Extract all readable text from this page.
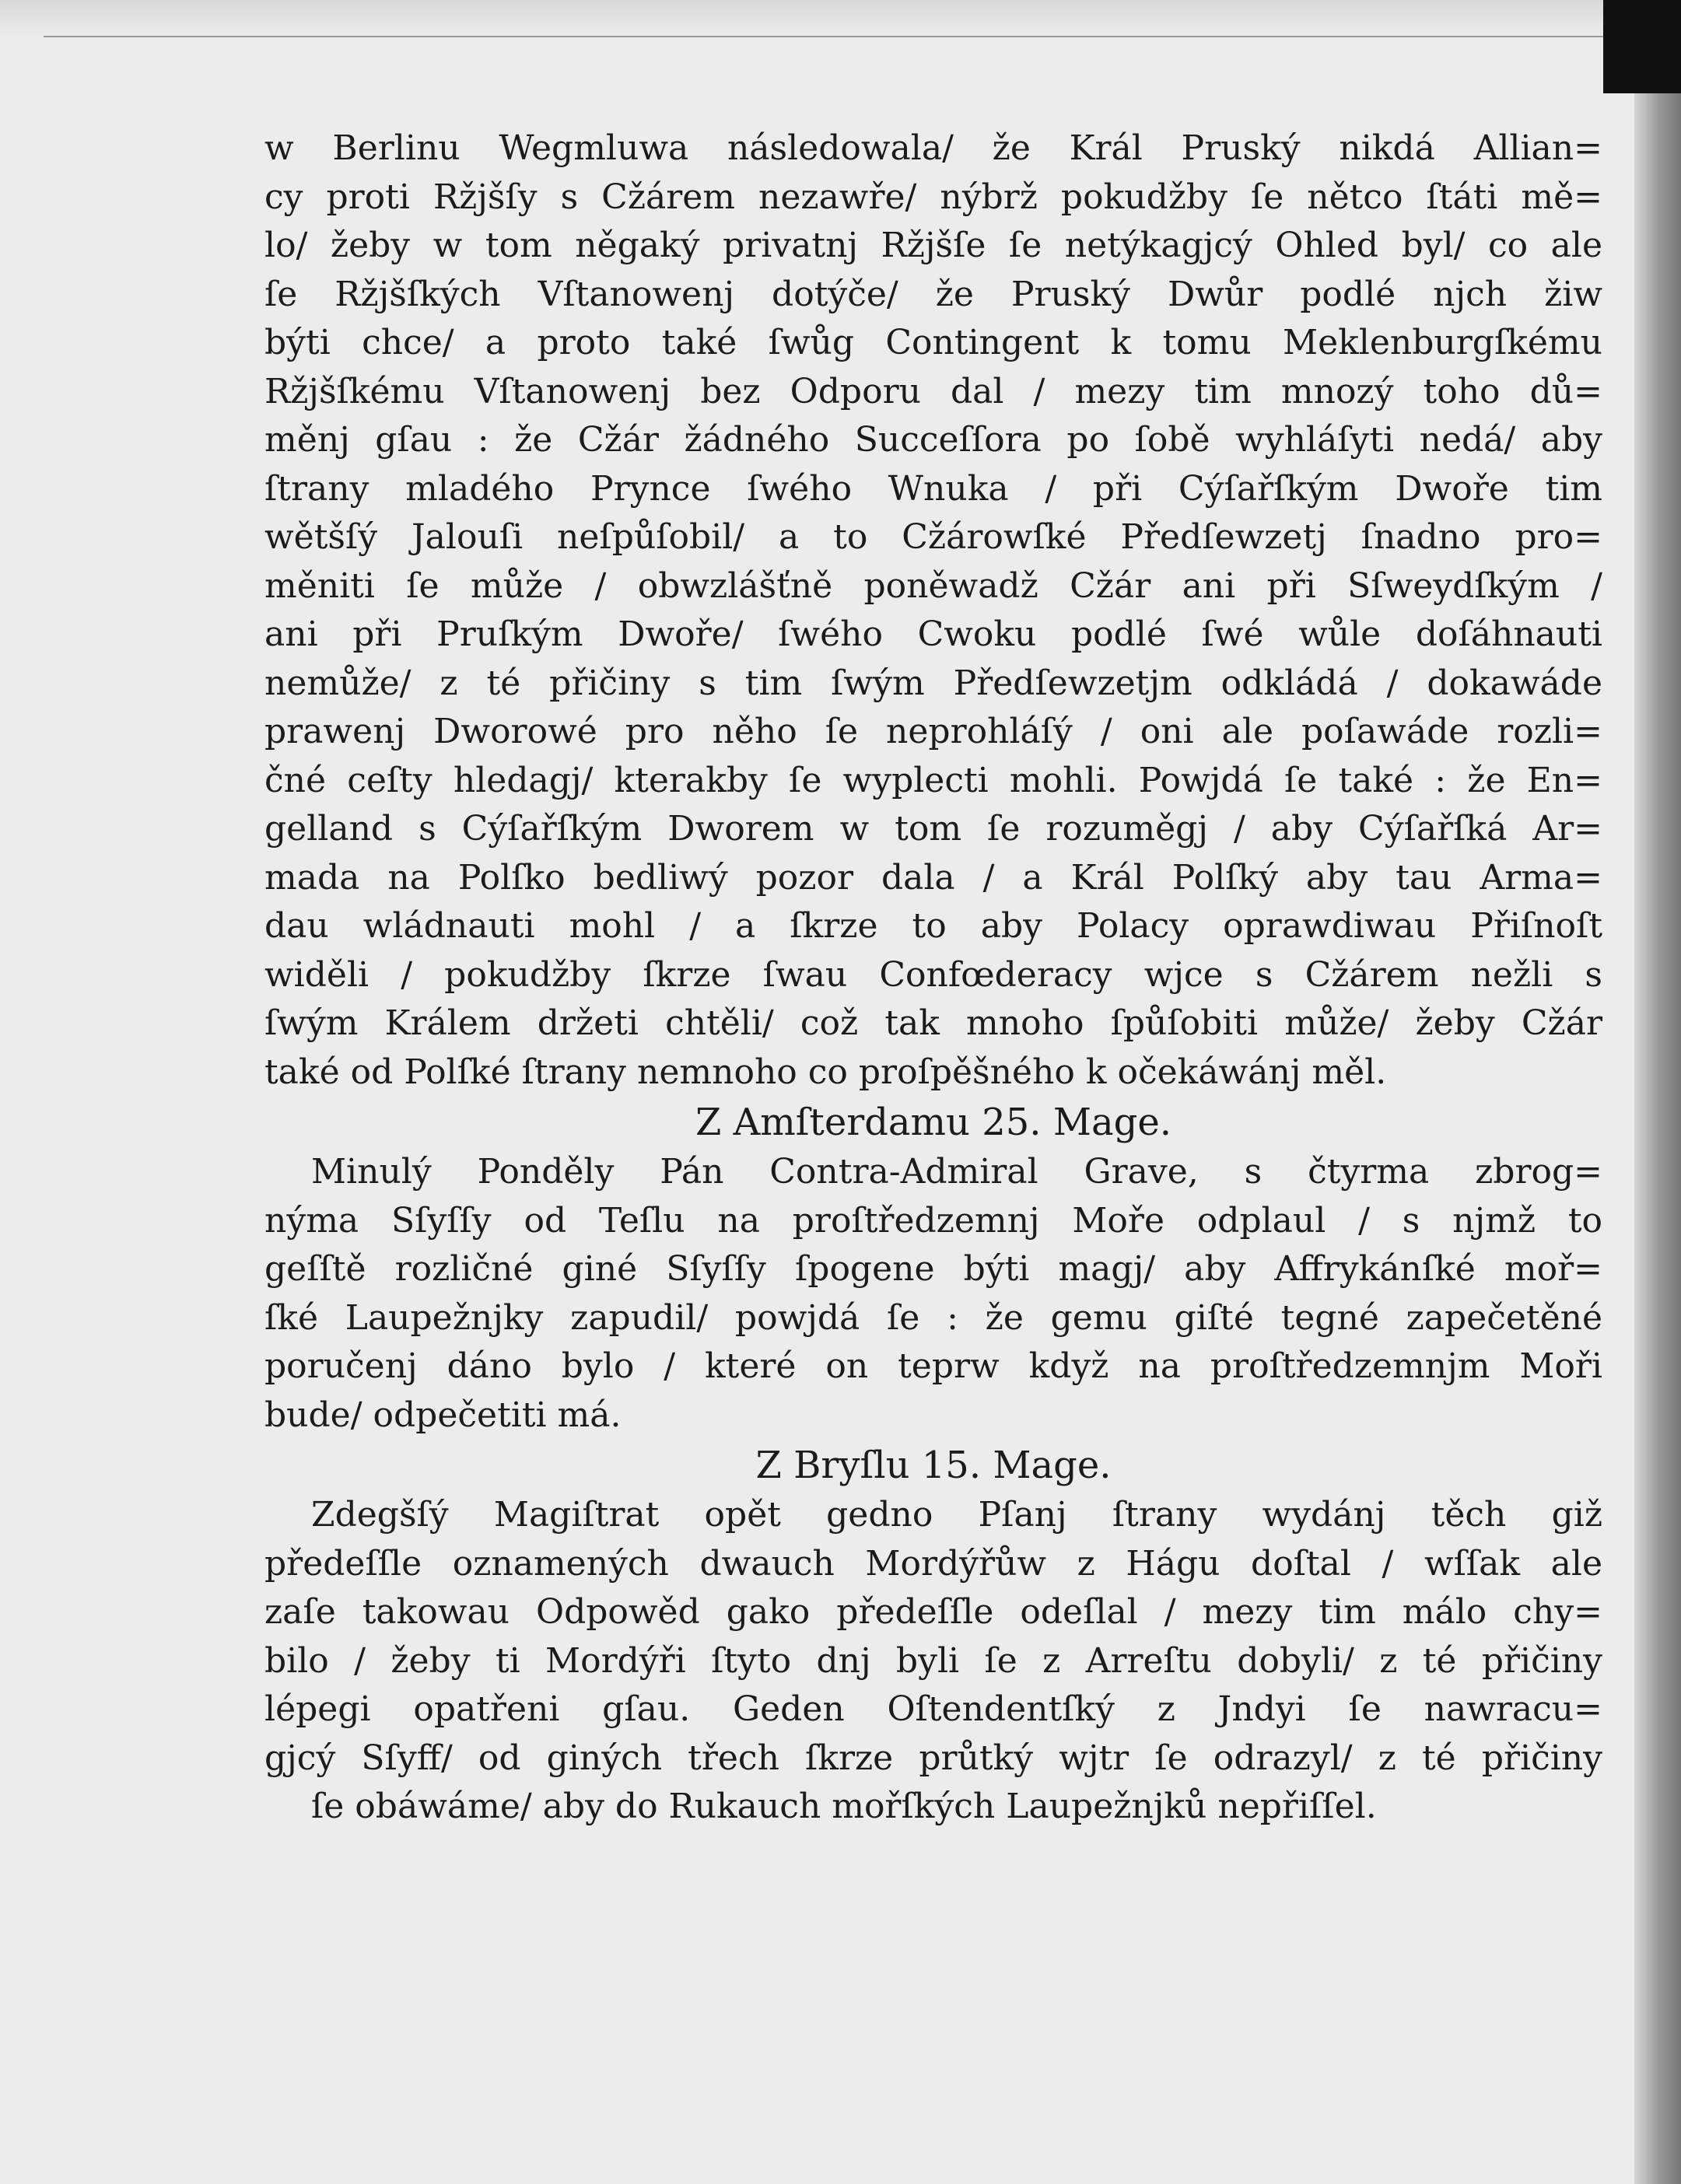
w Berlinu Wegmluwa následowala/ že Král Pruský nikdá Allian=
cy proti Ržjšſy s Cžárem nezawře/ nýbrž pokudžby ſe nětco ſtáti mě=
lo/ žeby w tom něgaký privatnj Ržjšſe ſe netýkagjcý Ohled byl/ co ale
ſe Ržjšſkých Vſtanowenj dotýče/ že Pruský Dwůr podlé njch žiw
býti chce/ a proto také ſwůg Contingent k tomu Meklenburgſkému
Ržjšſkému Vſtanowenj bez Odporu dal / mezy tim mnozý toho dů=
měnj gſau : že Cžár žádného Succeſſora po ſobě wyhláſyti nedá/ aby
ſtrany mladého Prynce ſwého Wnuka / při Cýſařſkým Dwoře tim
wětšſý Jalouſi neſpůſobil/ a to Cžárowſké Předſewzetj ſnadno pro=
měniti ſe může / obwzlášťně poněwadž Cžár ani při Sſweydſkým /
ani při Pruſkým Dwoře/ ſwého Cwoku podlé ſwé wůle doſáhnauti
nemůže/ z té přičiny s tim ſwým Předſewzetjm odkládá / dokawáde
prawenj Dworowé pro něho ſe neprohláſý / oni ale poſawáde rozli=
čné ceſty hledagj/ kterakby ſe wyplecti mohli. Powjdá ſe také : že En=
gelland s Cýſařſkým Dworem w tom ſe rozuměgj / aby Cýſařſká Ar=
mada na Polſko bedliwý pozor dala / a Král Polſký aby tau Arma=
dau wládnauti mohl / a ſkrze to aby Polacy oprawdiwau Přiſnoſt
widěli / pokudžby ſkrze ſwau Confœderacy wjce s Cžárem nežli s
ſwým Králem držeti chtěli/ což tak mnoho ſpůſobiti může/ žeby Cžár
také od Polſké ſtrany nemnoho co proſpěšného k očekáwánj měl.
Z Amſterdamu 25. Mage.
Minulý Ponděly Pán Contra-Admiral Grave, s čtyrma zbrog=
nýma Sſyſſy od Teſlu na proſtředzemnj Moře odplaul / s njmž to
geſſtě rozličné giné Sſyſſy ſpogene býti magj/ aby Affrykánſké moř=
ſké Laupežnjky zapudil/ powjdá ſe : že gemu giſté tegné zapečetěné
poručenj dáno bylo / které on teprw když na proſtředzemnjm Moři
bude/ odpečetiti má.
Z Bryſlu 15. Mage.
Zdegšſý Magiſtrat opět gedno Pſanj ſtrany wydánj těch giž
předeſſle oznamených dwauch Mordýřůw z Hágu doſtal / wſſak ale
zaſe takowau Odpowěd gako předeſſle odeſlal / mezy tim málo chy=
bilo / žeby ti Mordýři ſtyto dnj byli ſe z Arreſtu dobyli/ z té přičiny
lépegi opatřeni gſau. Geden Oſtendentſký z Jndyi ſe nawracu=
gjcý Sſyff/ od giných třech ſkrze průtký wjtr ſe odrazyl/ z té přičiny
ſe obáwáme/ aby do Rukauch mořſkých Laupežnjků nepřiſſel.
